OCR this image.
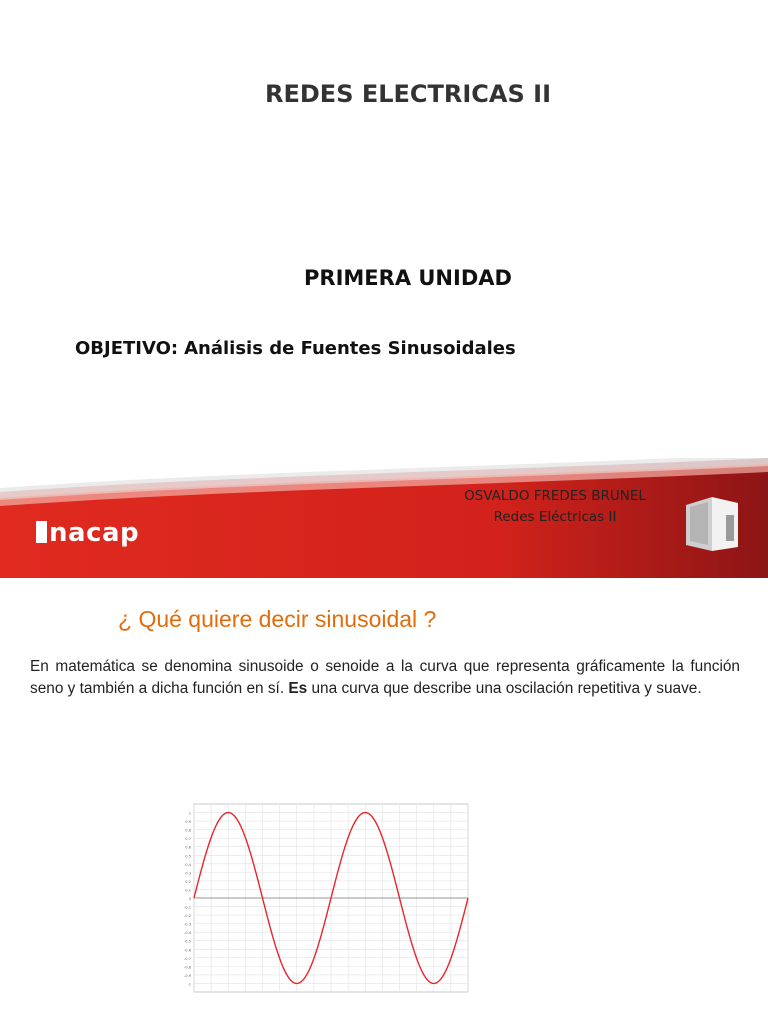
REDES ELECTRICAS II
PRIMERA UNIDAD
OBJETIVO: Análisis de Fuentes Sinusoidales
OSVALDO FREDES BRUNEL
Redes Eléctricas II
nacap
¿ Qué quiere decir sinusoidal ?
En matemática se denomina sinusoide o senoide a la curva que representa gráficamente la función seno y también a dicha función en sí. Es una curva que describe una oscilación repetitiva y suave.
-1
-0.9
-0.8
-0.7
-0.6
-0.5
-0.4
-0.3
-0.2
-0.1
0
0.1
0.2
0.3
0.4
0.5
0.6
0.7
0.8
0.9
1
